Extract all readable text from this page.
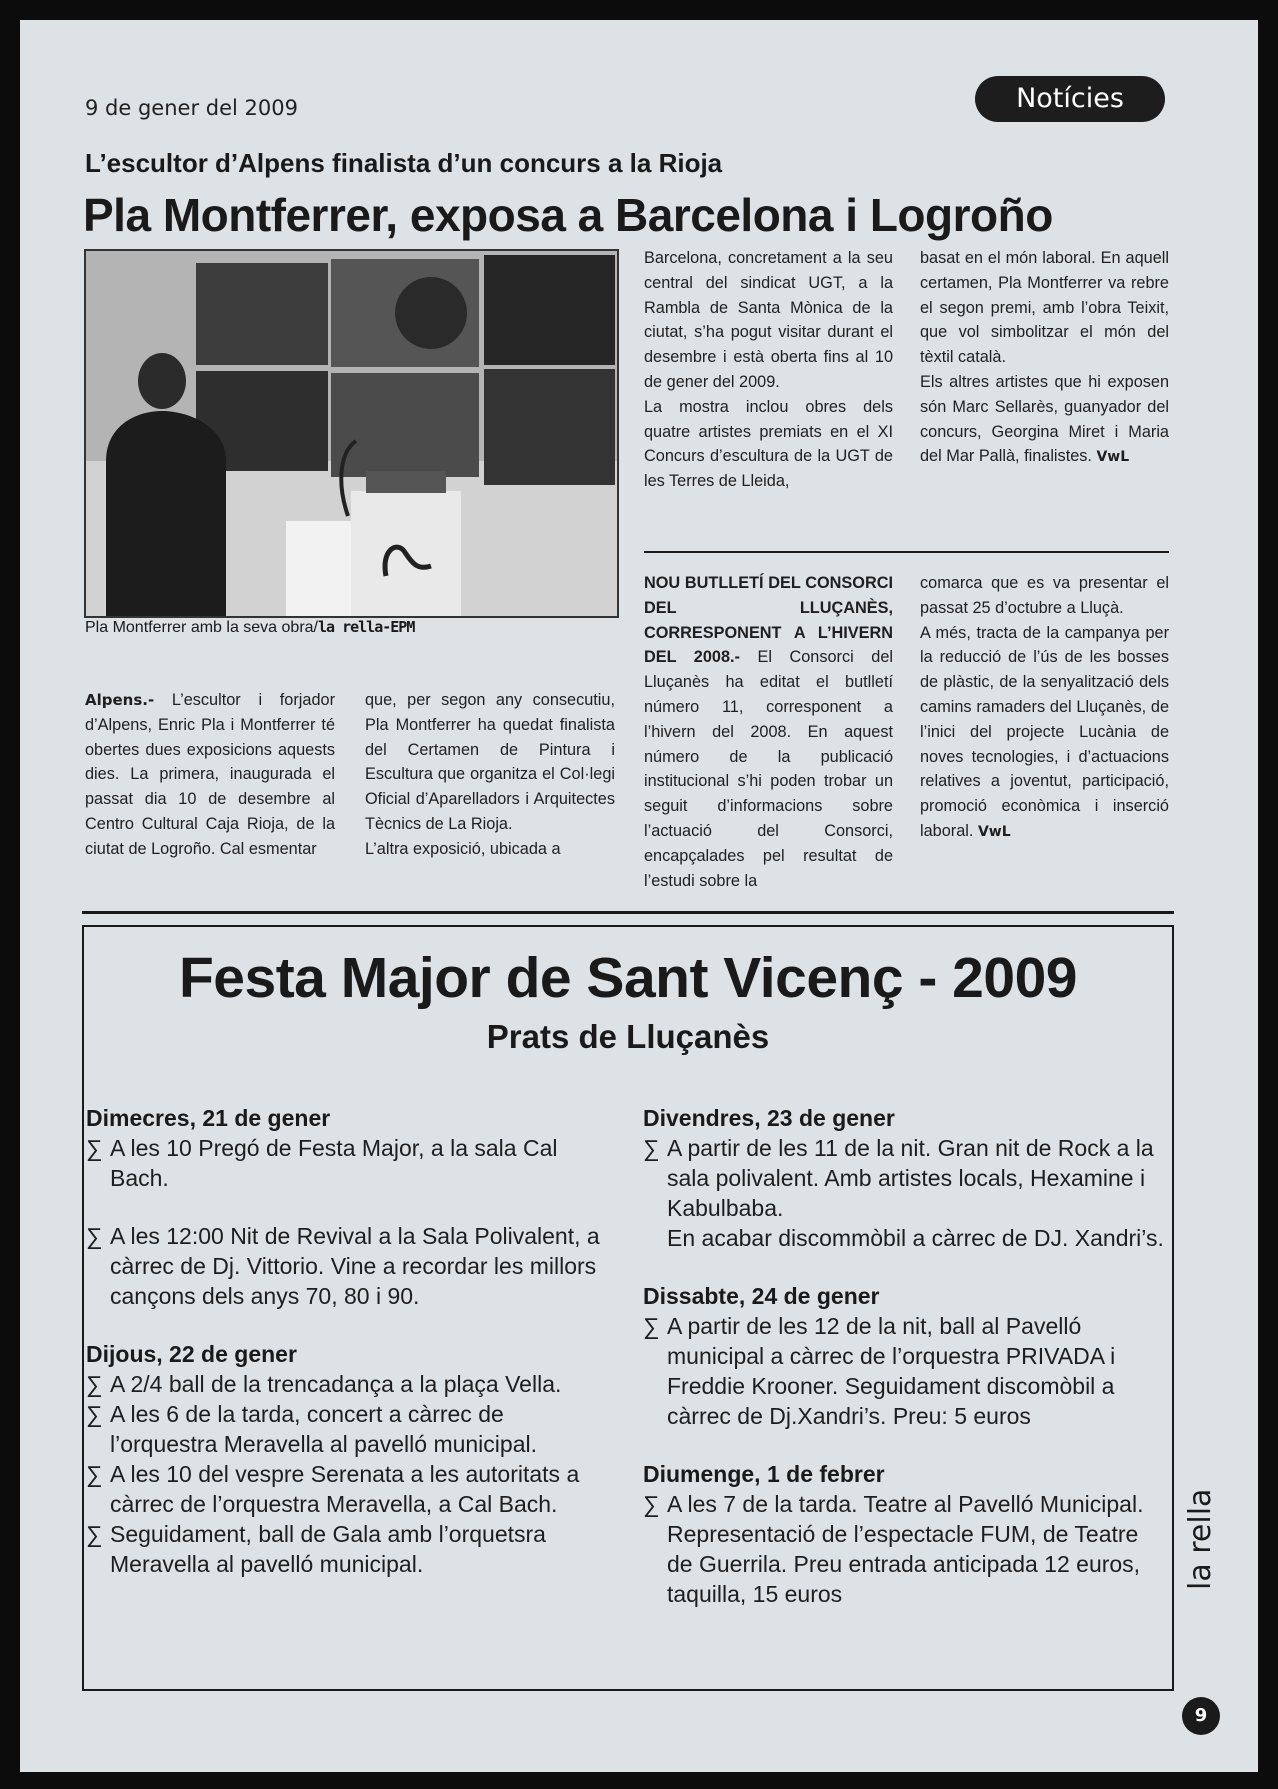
9 de gener del 2009	Notícies
L’escultor d’Alpens finalista d’un concurs a la Rioja
Pla Montferrer, exposa a Barcelona i Logroño
Pla Montferrer amb la seva obra/la rella-EPM
Alpens.- L’escultor i forjador d’Alpens, Enric Pla i Montferrer té obertes dues exposicions aquests dies. La primera, inaugurada el passat dia 10 de desembre al Centro Cultural Caja Rioja, de la ciutat de Logroño. Cal esmentar
que, per segon any consecutiu, Pla Montferrer ha quedat finalista del Certamen de Pintura i Escultura que organitza el Col·legi Oficial d’Aparelladors i Arquitectes Tècnics de La Rioja.
L’altra exposició, ubicada a
Barcelona, concretament a la seu central del sindicat UGT, a la Rambla de Santa Mònica de la ciutat, s’ha pogut visitar durant el desembre i està oberta fins al 10 de gener del 2009.
La mostra inclou obres dels quatre artistes premiats en el XI Concurs d’escultura de la UGT de les Terres de Lleida,
basat en el món laboral. En aquell certamen, Pla Montferrer va rebre el segon premi, amb l’obra Teixit, que vol simbolitzar el món del tèxtil català.
Els altres artistes que hi exposen són Marc Sellarès, guanyador del concurs, Georgina Miret i Maria del Mar Pallà, finalistes. VwL
NOU BUTLLETÍ DEL CONSORCI DEL LLUÇANÈS, CORRESPONENT A L’HIVERN DEL 2008.- El Consorci del Lluçanès ha editat el butlletí número 11, corresponent a l’hivern del 2008. En aquest número de la publicació institucional s’hi poden trobar un seguit d’informacions sobre l’actuació del Consorci, encapçalades pel resultat de l’estudi sobre la
comarca que es va presentar el passat 25 d’octubre a Lluçà.
A més, tracta de la campanya per la reducció de l’ús de les bosses de plàstic, de la senyalització dels camins ramaders del Lluçanès, de l’inici del projecte Lucània de noves tecnologies, i d’actuacions relatives a joventut, participació, promoció econòmica i inserció laboral. VwL
Festa Major de Sant Vicenç - 2009
Prats de Lluçanès

Dimecres, 21 de gener

∑ A les 10 Pregó de Festa Major, a la sala Cal Bach.

∑ A les 12:00 Nit de Revival a la Sala Polivalent, a càrrec de Dj. Vittorio. Vine a recordar les millors cançons dels anys 70, 80 i 90.

Dijous, 22 de gener

∑ A 2/4 ball de la trencadança a la plaça Vella.

∑ A les 6 de la tarda, concert a càrrec de l’orquestra Meravella al pavelló municipal.

∑ A les 10 del vespre Serenata a les autoritats a càrrec de l’orquestra Meravella, a Cal Bach.

∑ Seguidament, ball de Gala amb l’orquetsra Meravella al pavelló municipal.

Divendres, 23 de gener

∑ A partir de les 11 de la nit. Gran nit de Rock a la sala polivalent. Amb artistes locals, Hexamine i Kabulbaba.

En acabar discommòbil a càrrec de DJ. Xandri’s.

Dissabte, 24 de gener

∑ A partir de les 12 de la nit, ball al Pavelló municipal a càrrec de l’orquestra PRIVADA i Freddie Krooner. Seguidament discomòbil a càrrec de Dj.Xandri’s. Preu: 5 euros

Diumenge, 1 de febrer

∑ A les 7 de la tarda. Teatre al Pavelló Municipal. Representació de l’espectacle FUM, de Teatre de Guerrila. Preu entrada anticipada 12 euros, taquilla, 15 euros

la rella
9
